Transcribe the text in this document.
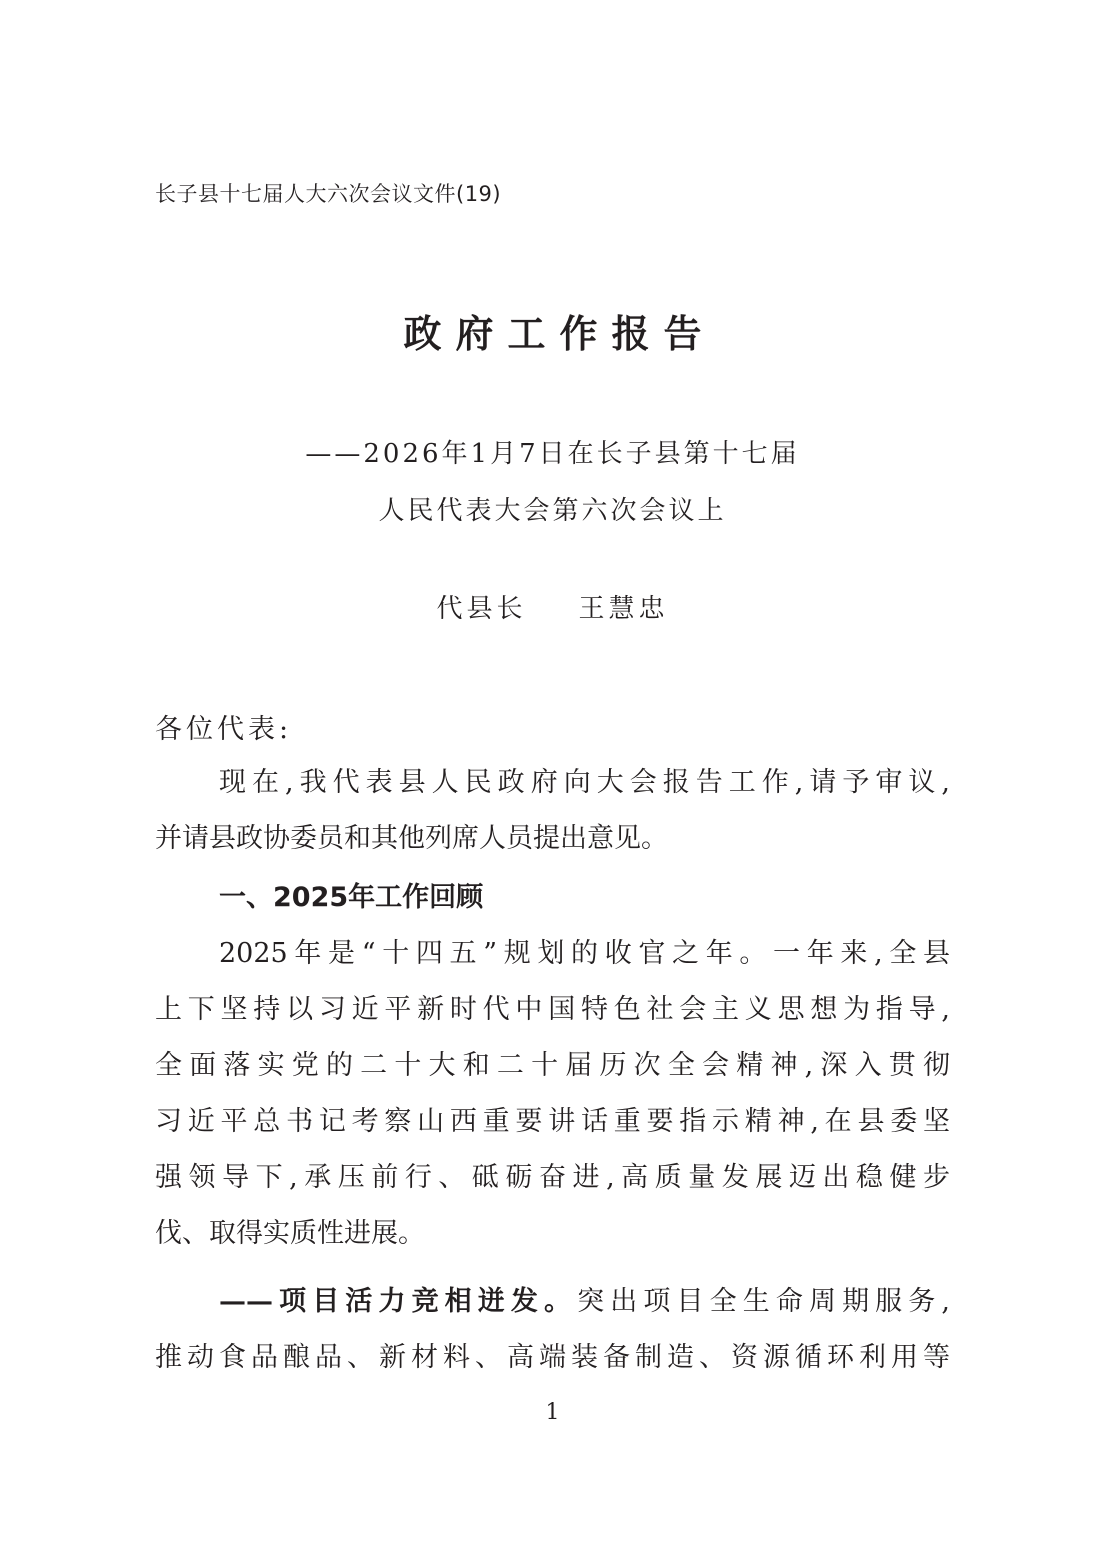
长子县十七届人大六次会议文件(19)
政府工作报告
——2026年1月7日在长子县第十七届
人民代表大会第六次会议上
代县长 王慧忠
各位代表:
现在,我代表县人民政府向大会报告工作,请予审议,
并请县政协委员和其他列席人员提出意见。
一、2025年工作回顾
2025年是“十四五”规划的收官之年。一年来,全县
上下坚持以习近平新时代中国特色社会主义思想为指导,
全面落实党的二十大和二十届历次全会精神,深入贯彻
习近平总书记考察山西重要讲话重要指示精神,在县委坚
强领导下,承压前行、砥砺奋进,高质量发展迈出稳健步
伐、取得实质性进展。
——项目活力竞相迸发。突出项目全生命周期服务,
推动食品酿品、新材料、高端装备制造、资源循环利用等
1
